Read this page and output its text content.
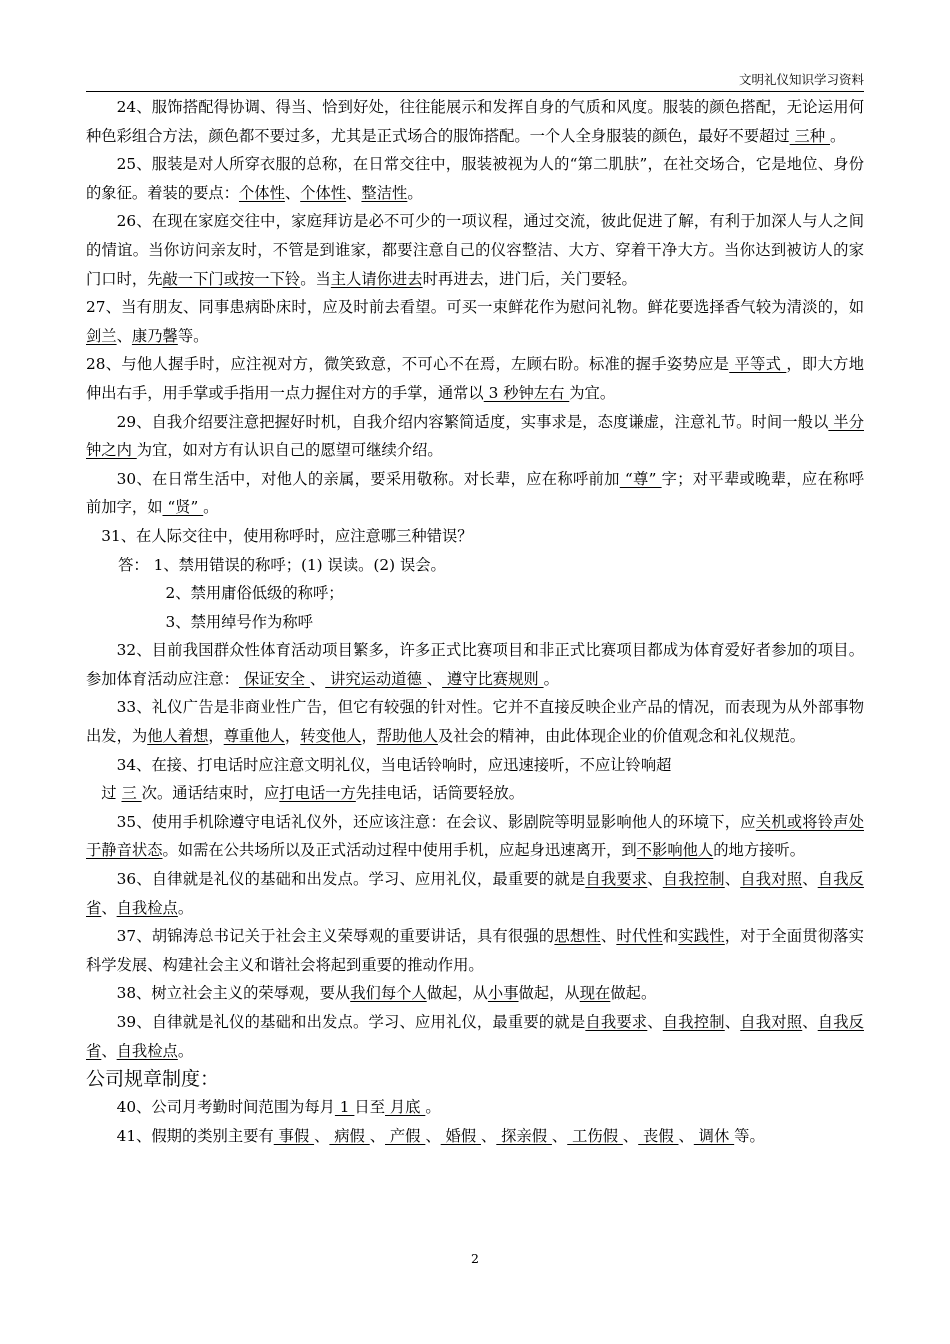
文明礼仪知识学习资料

24、服饰搭配得协调、得当、恰到好处，往往能展示和发挥自身的气质和风度。服装的颜色搭配，无论运用何种色彩组合方法，颜色都不要过多，尤其是正式场合的服饰搭配。一个人全身服装的颜色，最好不要超过 三种 。

25、服装是对人所穿衣服的总称，在日常交往中，服装被视为人的“第二肌肤”，在社交场合，它是地位、身份的象征。着装的要点：个体性、个体性、整洁性。

26、在现在家庭交往中，家庭拜访是必不可少的一项议程，通过交流，彼此促进了解，有利于加深人与人之间的情谊。当你访问亲友时，不管是到谁家，都要注意自己的仪容整洁、大方、穿着干净大方。当你达到被访人的家门口时，先敲一下门或按一下铃。当主人请你进去时再进去，进门后，关门要轻。

27、当有朋友、同事患病卧床时，应及时前去看望。可买一束鲜花作为慰问礼物。鲜花要选择香气较为清淡的，如剑兰、康乃馨等。

28、与他人握手时，应注视对方，微笑致意，不可心不在焉，左顾右盼。标准的握手姿势应是 平等式 ，即大方地伸出右手，用手掌或手指用一点力握住对方的手掌，通常以 3 秒钟左右 为宜。

29、自我介绍要注意把握好时机，自我介绍内容繁简适度，实事求是，态度谦虚，注意礼节。时间一般以 半分钟之内 为宜，如对方有认识自己的愿望可继续介绍。

30、在日常生活中，对他人的亲属，要采用敬称。对长辈，应在称呼前加 “尊” 字；对平辈或晚辈，应在称呼前加字，如 “贤” 。

31、在人际交往中，使用称呼时，应注意哪三种错误？

答： 1、禁用错误的称呼；(1) 误读。(2) 误会。

2、禁用庸俗低级的称呼；

3、禁用绰号作为称呼

32、目前我国群众性体育活动项目繁多，许多正式比赛项目和非正式比赛项目都成为体育爱好者参加的项目。参加体育活动应注意： 保证安全 、 讲究运动道德 、 遵守比赛规则 。

33、礼仪广告是非商业性广告，但它有较强的针对性。它并不直接反映企业产品的情况，而表现为从外部事物出发，为他人着想，尊重他人，转变他人，帮助他人及社会的精神，由此体现企业的价值观念和礼仪规范。

34、在接、打电话时应注意文明礼仪，当电话铃响时，应迅速接听，不应让铃响超

过 三 次。通话结束时，应打电话一方先挂电话，话筒要轻放。

35、使用手机除遵守电话礼仪外，还应该注意：在会议、影剧院等明显影响他人的环境下，应关机或将铃声处于静音状态。如需在公共场所以及正式活动过程中使用手机，应起身迅速离开，到不影响他人的地方接听。

36、自律就是礼仪的基础和出发点。学习、应用礼仪，最重要的就是自我要求、自我控制、自我对照、自我反省、自我检点。

37、胡锦涛总书记关于社会主义荣辱观的重要讲话，具有很强的思想性、时代性和实践性，对于全面贯彻落实科学发展、构建社会主义和谐社会将起到重要的推动作用。

38、树立社会主义的荣辱观，要从我们每个人做起，从小事做起，从现在做起。

39、自律就是礼仪的基础和出发点。学习、应用礼仪，最重要的就是自我要求、自我控制、自我对照、自我反省、自我检点。

公司规章制度：

40、公司月考勤时间范围为每月 1 日至 月底 。

41、假期的类别主要有 事假 、 病假 、 产假 、 婚假 、 探亲假 、 工伤假 、 丧假 、 调休 等。

2
